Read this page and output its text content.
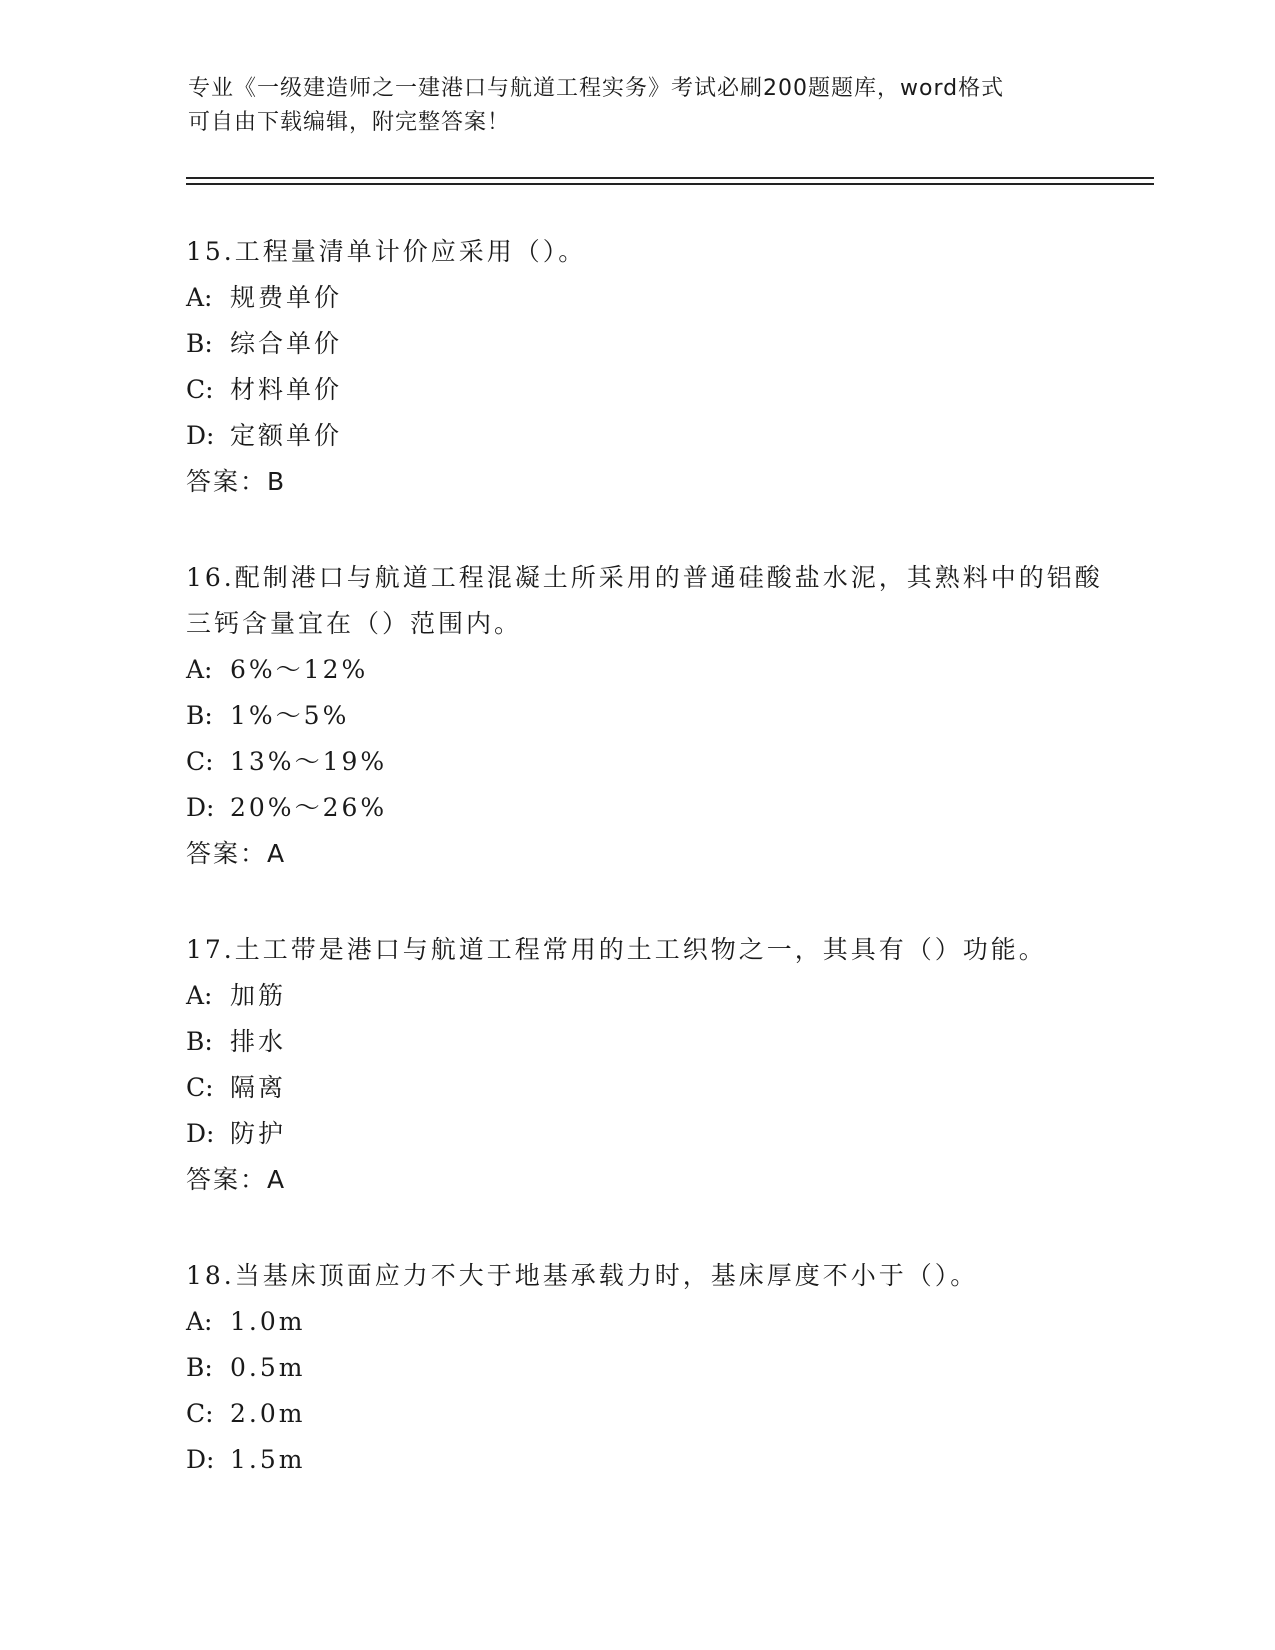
专业《一级建造师之一建港口与航道工程实务》考试必刷200题题库，word格式
可自由下载编辑，附完整答案！
15.工程量清单计价应采用（）。
A: 规费单价
B: 综合单价
C: 材料单价
D: 定额单价
答案：B
16.配制港口与航道工程混凝土所采用的普通硅酸盐水泥，其熟料中的铝酸三钙含量宜在（）范围内。
A: 6%～12%
B: 1%～5%
C: 13%～19%
D: 20%～26%
答案：A
17.土工带是港口与航道工程常用的土工织物之一，其具有（）功能。
A: 加筋
B: 排水
C: 隔离
D: 防护
答案：A
18.当基床顶面应力不大于地基承载力时，基床厚度不小于（）。
A: 1.0m
B: 0.5m
C: 2.0m
D: 1.5m
